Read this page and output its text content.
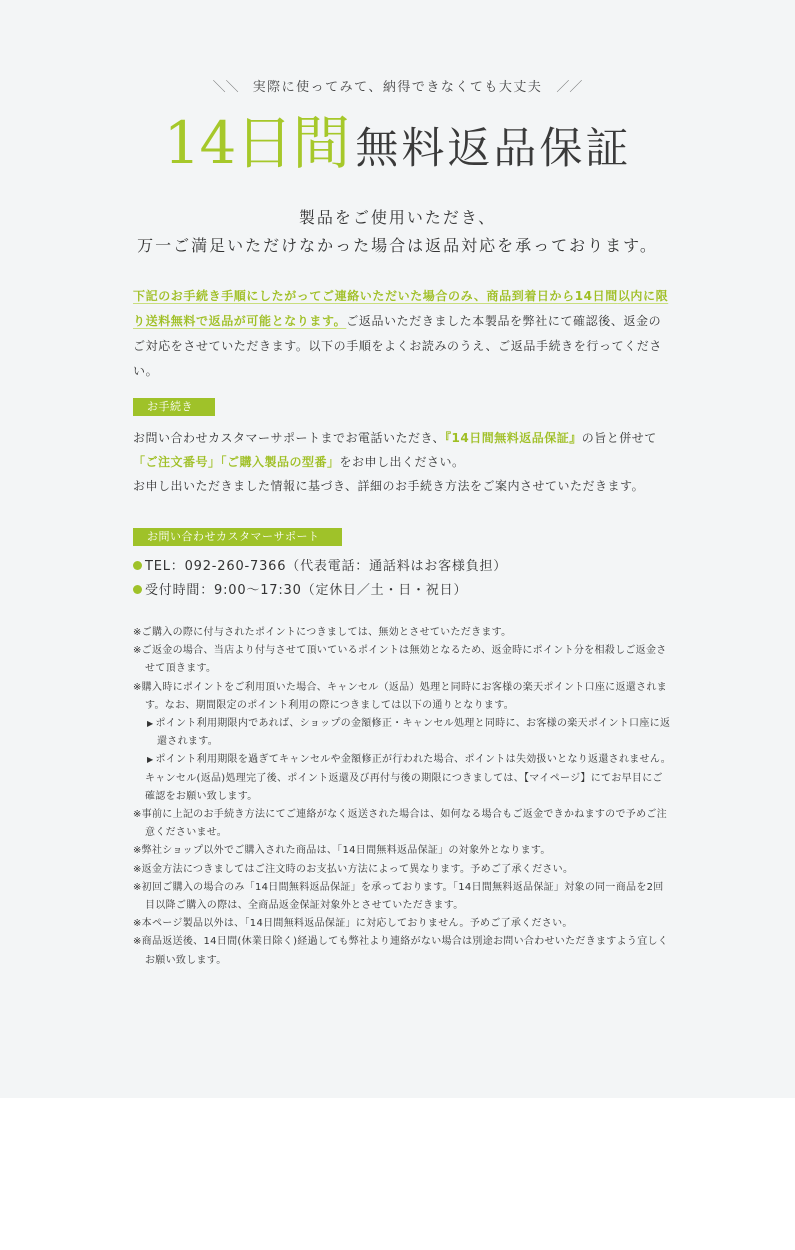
＼＼ 実際に使ってみて、納得できなくても大丈夫 ／／
14日間 無料返品保証
製品をご使用いただき、
万一ご満足いただけなかった場合は返品対応を承っております。
下記のお手続き手順にしたがってご連絡いただいた場合のみ、商品到着日から14日間以内に限り送料無料で返品が可能となります。ご返品いただきました本製品を弊社にて確認後、返金のご対応をさせていただきます。以下の手順をよくお読みのうえ、ご返品手続きを行ってください。
お手続き
お問い合わせカスタマーサポートまでお電話いただき、『14日間無料返品保証』の旨と併せて「ご注文番号」「ご購入製品の型番」をお申し出ください。
お申し出いただきました情報に基づき、詳細のお手続き方法をご案内させていただきます。
お問い合わせカスタマーサポート
TEL：092-260-7366（代表電話：通話料はお客様負担）
受付時間：9:00〜17:30（定休日／土・日・祝日）
※ご購入の際に付与されたポイントにつきましては、無効とさせていただきます。
※ご返金の場合、当店より付与させて頂いているポイントは無効となるため、返金時にポイント分を相殺しご返金させて頂きます。
※購入時にポイントをご利用頂いた場合、キャンセル（返品）処理と同時にお客様の楽天ポイント口座に返還されます。なお、期間限定のポイント利用の際につきましては以下の通りとなります。
▶ ポイント利用期限内であれば、ショップの金額修正・キャンセル処理と同時に、お客様の楽天ポイント口座に返還されます。
▶ ポイント利用期限を過ぎてキャンセルや金額修正が行われた場合、ポイントは失効扱いとなり返還されません。
キャンセル(返品)処理完了後、ポイント返還及び再付与後の期限につきましては、【マイページ】にてお早目にご確認をお願い致します。
※事前に上記のお手続き方法にてご連絡がなく返送された場合は、如何なる場合もご返金できかねますので予めご注意くださいませ。
※弊社ショップ以外でご購入された商品は、「14日間無料返品保証」の対象外となります。
※返金方法につきましてはご注文時のお支払い方法によって異なります。予めご了承ください。
※初回ご購入の場合のみ「14日間無料返品保証」を承っております。「14日間無料返品保証」対象の同一商品を2回目以降ご購入の際は、全商品返金保証対象外とさせていただきます。
※本ページ製品以外は、「14日間無料返品保証」に対応しておりません。予めご了承ください。
※商品返送後、14日間(休業日除く)経過しても弊社より連絡がない場合は別途お問い合わせいただきますよう宜しくお願い致します。
